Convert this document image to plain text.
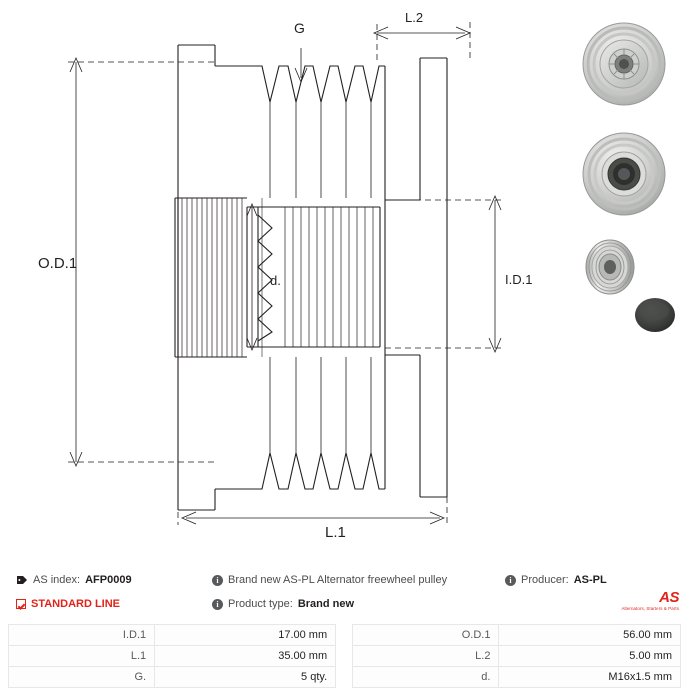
O.D.1
I.D.1
L.1
L.2
d.
G
AS index: AFP0009	i Brand new AS-PL Alternator freewheel pulley	i Producer: AS-PL
STANDARD LINE	i Product type: Brand new	AS
Alternators, Starters & Parts
I.D.1	17.00 mm		O.D.1	56.00 mm
L.1	35.00 mm		L.2	5.00 mm
G.	5 qty.		d.	M16x1.5 mm
